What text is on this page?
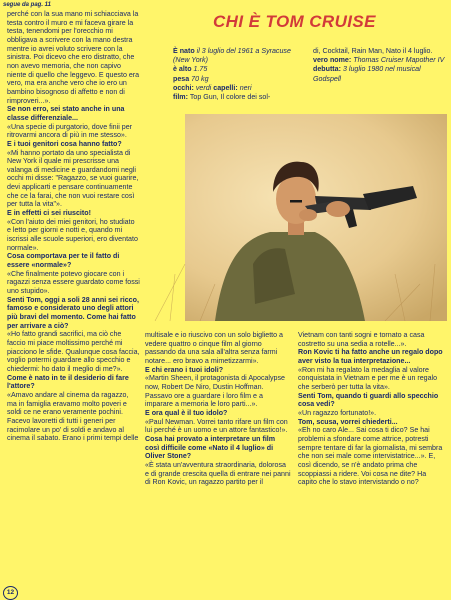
segue da pag. 11

perché con la sua mano mi schiacciava la testa contro il muro e mi faceva girare la testa, tenendomi per l'orecchio mi obbligava a scrivere con la mano destra mentre io avrei voluto scrivere con la sinistra. Poi dicevo che ero distratto, che non avevo memoria, che non capivo niente di quello che leggevo. E questo era vero, ma era anche vero che io ero un bambino bisognoso di affetto e non di rimproveri...».

Se non erro, sei stato anche in una classe differenziale...

«Una specie di purgatorio, dove finii per ritrovarmi ancora di più in me stesso».

E i tuoi genitori cosa hanno fatto?

«Mi hanno portato da uno specialista di New York il quale mi prescrisse una valanga di medicine e guardandomi negli occhi mi disse: "Ragazzo, se vuoi guarire, devi applicarti e pensare continuamente che ce la farai, che non vuoi restare così per tutta la vita"».

E in effetti ci sei riuscito!

«Con l'aiuto dei miei genitori, ho studiato e letto per giorni e notti e, quando mi iscrissi alle scuole superiori, ero diventato normale».

Cosa comportava per te il fatto di essere «normale»?

«Che finalmente potevo giocare con i ragazzi senza essere guardato come fossi uno stupido».

Senti Tom, oggi a soli 28 anni sei ricco, famoso e considerato uno degli attori più bravi del momento. Come hai fatto per arrivare a ciò?

«Ho fatto grandi sacrifici, ma ciò che faccio mi piace moltissimo perché mi piacciono le sfide. Qualunque cosa faccia, voglio potermi guardare allo specchio e chiedermi: ho dato il meglio di me?».

Come è nato in te il desiderio di fare l'attore?

«Amavo andare al cinema da ragazzo, ma in famiglia eravamo molto poveri e soldi ce ne erano veramente pochini. Facevo lavoretti di tutti i generi per racimolare un po' di soldi e andavo al cinema il sabato. Erano i primi tempi delle

CHI È TOM CRUISE
È nato il 3 luglio del 1961 a Syracuse (New York)
è alto 1.75
pesa 70 kg
occhi: verdi capelli: neri
film: Top Gun, Il colore dei sol-
di, Cocktail, Rain Man, Nato il 4 luglio.
vero nome: Thomas Cruiser Mapother IV
debutta: 3 luglio 1980 nel musical Godspell

multisale e io riuscivo con un solo biglietto a vedere quattro o cinque film al giorno passando da una sala all'altra senza farmi notare... ero bravo a mimetizzarmi».

E chi erano i tuoi idoli?

«Martin Sheen, il protagonista di Apocalypse now, Robert De Niro, Dustin Hoffman. Passavo ore a guardare i loro film e a imparare a memoria le loro parti...».

E ora qual è il tuo idolo?

«Paul Newman. Vorrei tanto rifare un film con lui perché è un uomo e un attore fantastico!».

Cosa hai provato a interpretare un film così difficile come «Nato il 4 luglio» di Oliver Stone?

«È stata un'avventura straordinaria, dolorosa e di grande crescita quella di entrare nei panni di Ron Kovic, un ragazzo partito per il

Vietnam con tanti sogni e tornato a casa costretto su una sedia a rotelle...».

Ron Kovic ti ha fatto anche un regalo dopo aver visto la tua interpretazione...

«Ron mi ha regalato la medaglia al valore conquistata in Vietnam e per me è un regalo che serberò per tutta la vita».

Senti Tom, quando ti guardi allo specchio cosa vedi?

«Un ragazzo fortunato!».

Tom, scusa, vorrei chiederti...

«Eh no caro Ale... Sai cosa ti dico? Se hai problemi a sfondare come attrice, potresti sempre tentare di far la giornalista, mi sembra che non sei male come intervistatrice...». E, così dicendo, se n'è andato prima che scoppiassi a ridere. Voi cosa ne dite? Ha capito che lo stavo intervistando o no?

12
